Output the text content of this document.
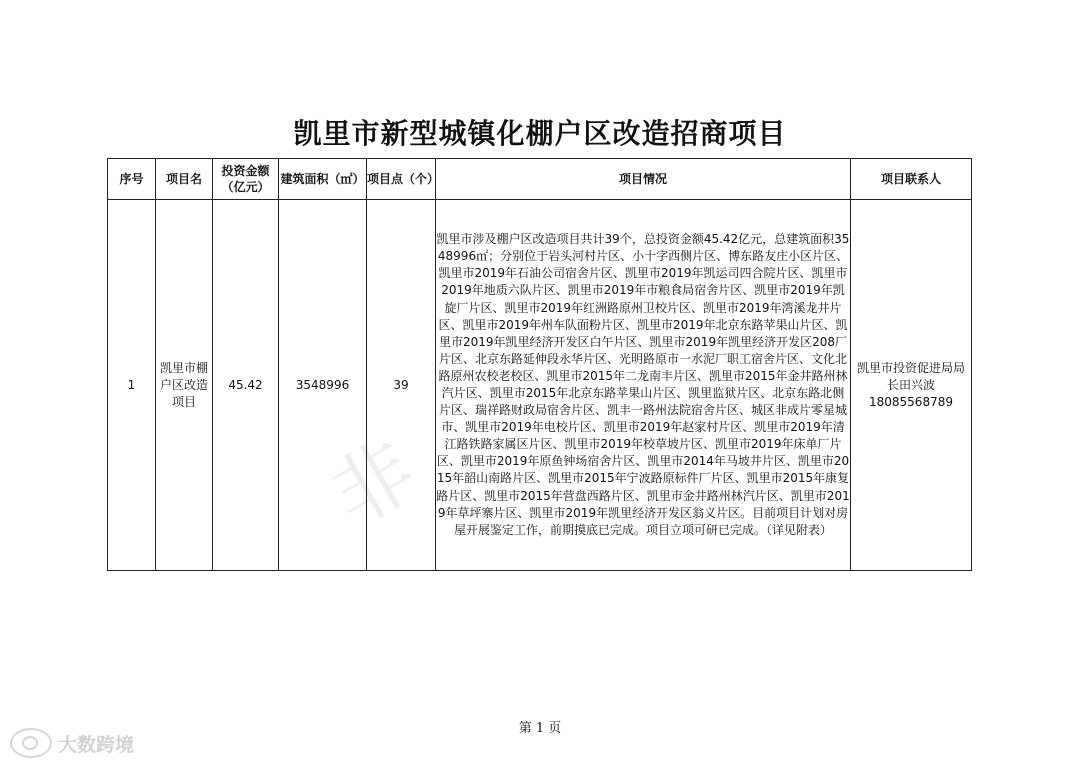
凯里市新型城镇化棚户区改造招商项目
非
序号	项目名	投资金额（亿元）	建筑面积（㎡）	项目点（个）	项目情况	项目联系人
1	凯里市棚户区改造项目	45.42	3548996	39	凯里市涉及棚户区改造项目共计39个，总投资金额45.42亿元，总建筑面积3548996㎡；分别位于岩头河村片区、小十字西侧片区、博东路友庄小区片区、凯里市2019年石油公司宿舍片区、凯里市2019年凯运司四合院片区、凯里市2019年地质六队片区、凯里市2019年市粮食局宿舍片区、凯里市2019年凯旋厂片区、凯里市2019年红洲路原州卫校片区、凯里市2019年湾溪龙井片区、凯里市2019年州车队面粉片区、凯里市2019年北京东路苹果山片区、凯里市2019年凯里经济开发区白午片区、凯里市2019年凯里经济开发区208厂片区、北京东路延伸段永华片区、光明路原市一水泥厂职工宿舍片区、文化北路原州农校老校区、凯里市2015年二龙南丰片区、凯里市2015年金井路州林汽片区、凯里市2015年北京东路苹果山片区、凯里监狱片区、北京东路北侧片区、瑞祥路财政局宿舍片区、凯丰一路州法院宿舍片区、城区非成片零星城市、凯里市2019年电校片区、凯里市2019年赵家村片区、凯里市2019年清江路铁路家属区片区、凯里市2019年校草坡片区、凯里市2019年床单厂片区、凯里市2019年原鱼钟场宿舍片区、凯里市2014年马坡井片区、凯里市2015年韶山南路片区、凯里市2015年宁波路原标件厂片区、凯里市2015年康复路片区、凯里市2015年营盘西路片区、凯里市金井路州林汽片区、凯里市2019年草坪寨片区、凯里市2019年凯里经济开发区翁义片区。目前项目计划对房屋开展鉴定工作，前期摸底已完成。项目立项可研已完成。（详见附表）	凯里市投资促进局局长田兴波18085568789
第 1 页
大数跨境
